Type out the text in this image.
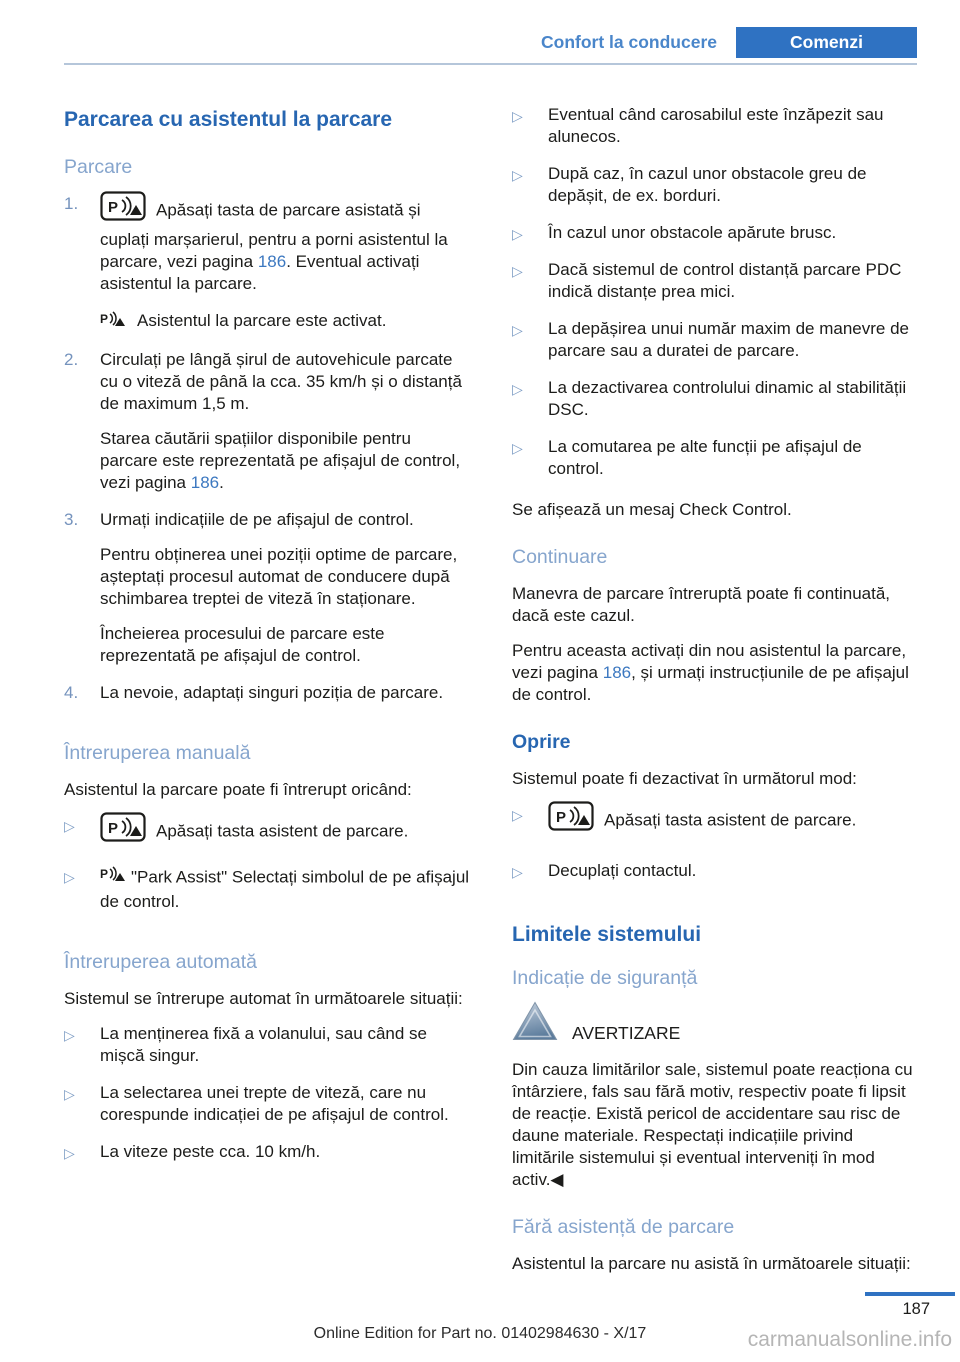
Confort la conducere	Comenzi
Parcarea cu asistentul la parcare
Parcare
1.	P Apăsați tasta de parcare asistată și cuplați marșarierul, pentru a porni asistentul la parcare, vezi pagina 186. Eventual activați asistentul la parcare.

P Asistentul la parcare este activat.
2.	Circulați pe lângă șirul de autovehicule parcate cu o viteză de până la cca. 35 km/h și o distanță de maximum 1,5 m.

Starea căutării spațiilor disponibile pentru parcare este reprezentată pe afișajul de control, vezi pagina 186.

3.	Urmați indicațiile de pe afișajul de control.

Pentru obținerea unei poziții optime de parcare, așteptați procesul automat de conducere după schimbarea treptei de viteză în staționare.

Încheierea procesului de parcare este reprezentată pe afișajul de control.

4.	La nevoie, adaptați singuri poziția de parcare.

Întreruperea manuală

Asistentul la parcare poate fi întrerupt oricând:

▷	P Apăsați tasta asistent de parcare.

▷	P "Park Assist" Selectați simbolul de pe afișajul de control.

Întreruperea automată

Sistemul se întrerupe automat în următoarele situații:

▷	La menținerea fixă a volanului, sau când se mișcă singur.

▷	La selectarea unei trepte de viteză, care nu corespunde indicației de pe afișajul de control.

▷	La viteze peste cca. 10 km/h.

▷	Eventual când carosabilul este înzăpezit sau alunecos.

▷	După caz, în cazul unor obstacole greu de depășit, de ex. borduri.

▷	În cazul unor obstacole apărute brusc.

▷	Dacă sistemul de control distanță parcare PDC indică distanțe prea mici.

▷	La depășirea unui număr maxim de manevre de parcare sau a duratei de parcare.

▷	La dezactivarea controlului dinamic al stabilității DSC.

▷	La comutarea pe alte funcții pe afișajul de control.

Se afișează un mesaj Check Control.

Continuare

Manevra de parcare întreruptă poate fi continuată, dacă este cazul.

Pentru aceasta activați din nou asistentul la parcare, vezi pagina 186, și urmați instrucțiunile de pe afișajul de control.

Oprire

Sistemul poate fi dezactivat în următorul mod:

▷	P Apăsați tasta asistent de parcare.

▷	Decuplați contactul.

Limitele sistemului
Indicație de siguranță
AVERTIZARE

Din cauza limitărilor sale, sistemul poate reacționa cu întârziere, fals sau fără motiv, respectiv poate fi lipsit de reacție. Există pericol de accidentare sau risc de daune materiale. Respectați indicațiile privind limitările sistemului și eventual interveniți în mod activ.◀

Fără asistență de parcare

Asistentul la parcare nu asistă în următoarele situații:

187
Online Edition for Part no. 01402984630 - X/17	carmanualsonline.info
